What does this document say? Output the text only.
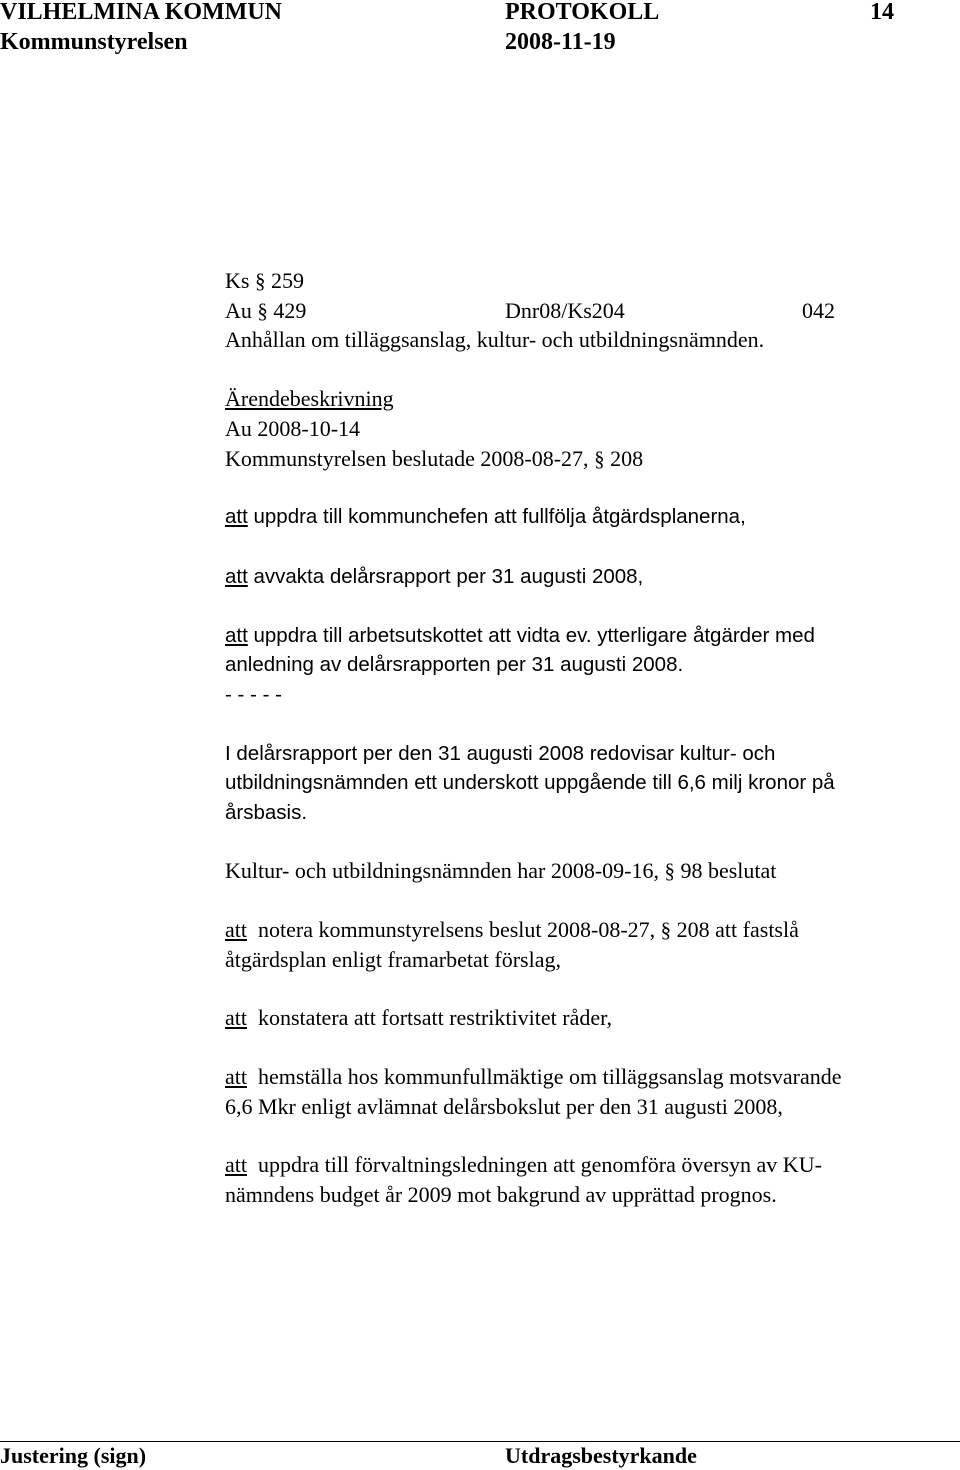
VILHELMINA KOMMUN	PROTOKOLL	14
Kommunstyrelsen	2008-11-19
Ks § 259
Au § 429	Dnr08/Ks204	042
Anhållan om tilläggsanslag, kultur- och utbildningsnämnden.
Ärendebeskrivning
Au 2008-10-14
Kommunstyrelsen beslutade 2008-08-27, § 208
att uppdra till kommunchefen att fullfölja åtgärdsplanerna,
att avvakta delårsrapport per 31 augusti 2008,
att uppdra till arbetsutskottet att vidta ev. ytterligare åtgärder med
anledning av delårsrapporten per 31 augusti 2008.
- - - - -
I delårsrapport per den 31 augusti 2008 redovisar kultur- och
utbildningsnämnden ett underskott uppgående till 6,6 milj kronor på
årsbasis.
Kultur- och utbildningsnämnden har 2008-09-16, § 98 beslutat
att notera kommunstyrelsens beslut 2008-08-27, § 208 att fastslå
åtgärdsplan enligt framarbetat förslag,
att konstatera att fortsatt restriktivitet råder,
att hemställa hos kommunfullmäktige om tilläggsanslag motsvarande
6,6 Mkr enligt avlämnat delårsbokslut per den 31 augusti 2008,
att uppdra till förvaltningsledningen att genomföra översyn av KU-
nämndens budget år 2009 mot bakgrund av upprättad prognos.
Justering (sign)	Utdragsbestyrkande
